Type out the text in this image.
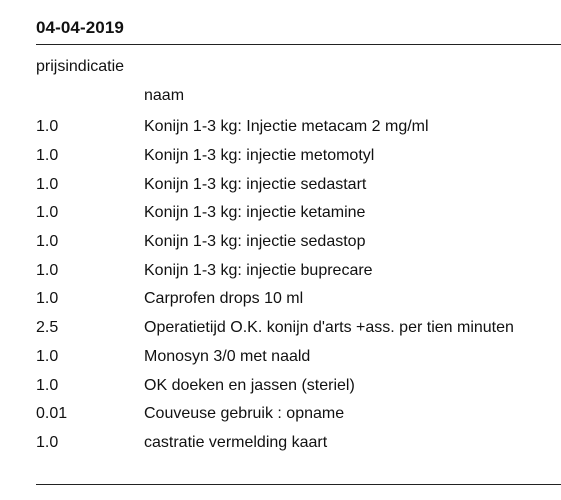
04-04-2019
prijsindicatie
naam
1.0	Konijn 1-3 kg: Injectie metacam 2 mg/ml
1.0	Konijn 1-3 kg: injectie metomotyl
1.0	Konijn 1-3 kg: injectie sedastart
1.0	Konijn 1-3 kg: injectie ketamine
1.0	Konijn 1-3 kg: injectie sedastop
1.0	Konijn 1-3 kg: injectie buprecare
1.0	Carprofen drops 10 ml
2.5	Operatietijd O.K. konijn d'arts +ass. per tien minuten
1.0	Monosyn 3/0 met naald
1.0	OK doeken en jassen (steriel)
0.01	Couveuse gebruik : opname
1.0	castratie vermelding kaart
